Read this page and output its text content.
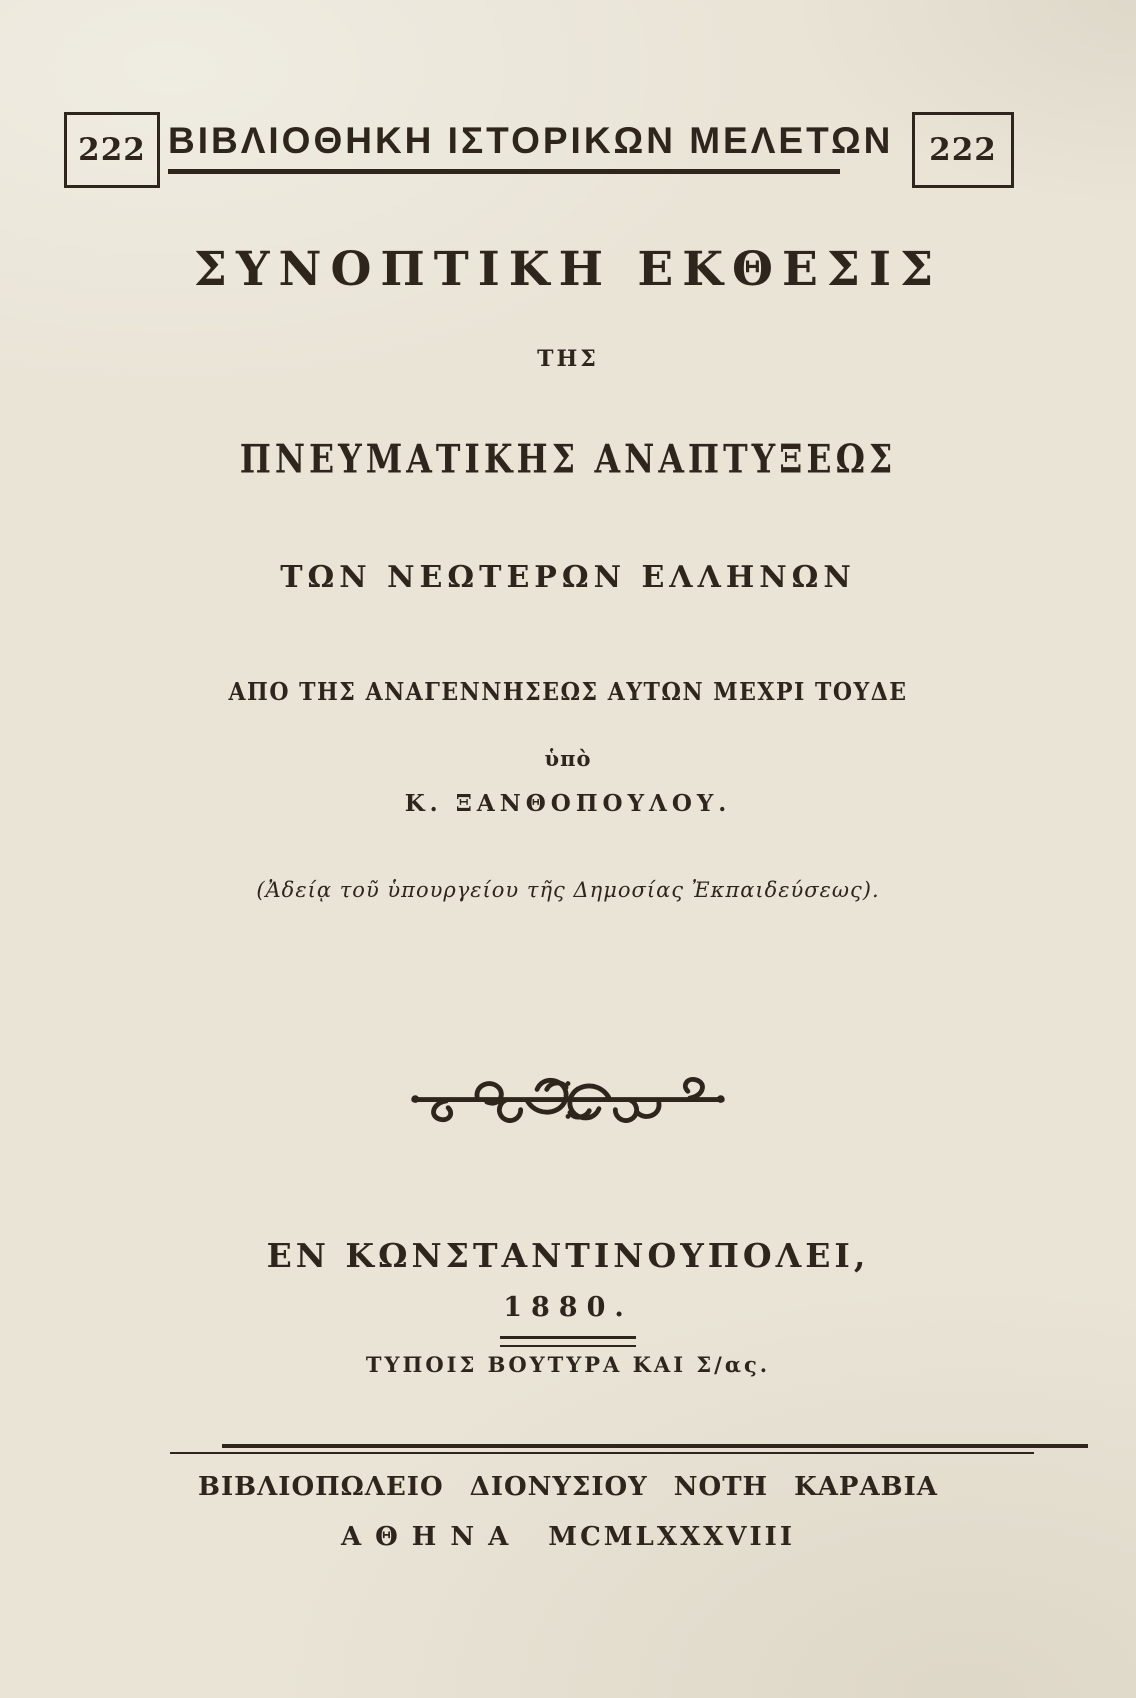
222 ΒΙΒΛΙΟΘΗΚΗ ΙΣΤΟΡΙΚΩΝ ΜΕΛΕΤΩΝ 222
ΣΥΝΟΠΤΙΚΗ ΕΚΘΕΣΙΣ
ΤΗΣ
ΠΝΕΥΜΑΤΙΚΗΣ ΑΝΑΠΤΥΞΕΩΣ
ΤΩΝ ΝΕΩΤΕΡΩΝ ΕΛΛΗΝΩΝ
ΑΠΟ ΤΗΣ ΑΝΑΓΕΝΝΗΣΕΩΣ ΑΥΤΩΝ ΜΕΧΡΙ ΤΟΥΔΕ
ὑπὸ
Κ. ΞΑΝΘΟΠΟΥΛΟΥ.
(Ἀδείᾳ τοῦ ὑπουργείου τῆς Δημοσίας Ἐκπαιδεύσεως).
ΕΝ ΚΩΝΣΤΑΝΤΙΝΟΥΠΟΛΕΙ,
1880.
ΤΥΠΟΙΣ ΒΟΥΤΥΡΑ ΚΑΙ Σ/ας.
ΒΙΒΛΙΟΠΩΛΕΙΟ ΔΙΟΝΥΣΙΟΥ ΝΟΤΗ ΚΑΡΑΒΙΑ
ΑΘΗΝΑ MCMLXXXVIII
